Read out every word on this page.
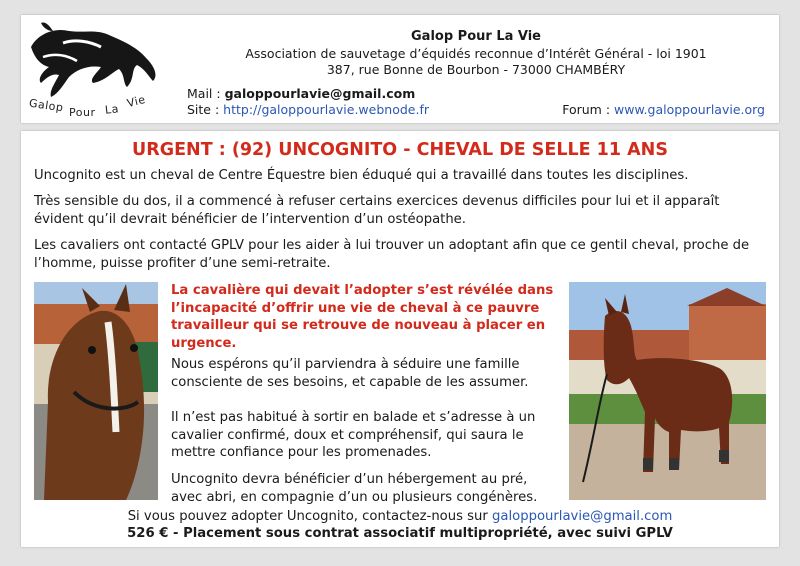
Galop Pour La Vie
Galop Pour La Vie
Association de sauvetage d’équidés reconnue d’Intérêt Général - loi 1901
387, rue Bonne de Bourbon - 73000 CHAMBÉRY
Mail : galoppourlavie@gmail.com
Site : http://galoppourlavie.webnode.fr	Forum : www.galoppourlavie.org
URGENT : (92) UNCOGNITO - CHEVAL DE SELLE 11 ANS
Uncognito est un cheval de Centre Équestre bien éduqué qui a travaillé dans toutes les disciplines.
Très sensible du dos, il a commencé à refuser certains exercices devenus difficiles pour lui et il apparaît évident qu’il devrait bénéficier de l’intervention d’un ostéopathe.
Les cavaliers ont contacté GPLV pour les aider à lui trouver un adoptant afin que ce gentil cheval, proche de l’homme, puisse profiter d’une semi-retraite.
La cavalière qui devait l’adopter s’est révélée dans l’incapacité d’offrir une vie de cheval à ce pauvre travailleur qui se retrouve de nouveau à placer en urgence.
Nous espérons qu’il parviendra à séduire une famille consciente de ses besoins, et capable de les assumer.
Il n’est pas habitué à sortir en balade et s’adresse à un cavalier confirmé, doux et compréhensif, qui saura le mettre confiance pour les promenades.
Uncognito devra bénéficier d’un hébergement au pré, avec abri, en compagnie d’un ou plusieurs congénères.
Si vous pouvez adopter Uncognito, contactez-nous sur galoppourlavie@gmail.com
526 € - Placement sous contrat associatif multipropriété, avec suivi GPLV
